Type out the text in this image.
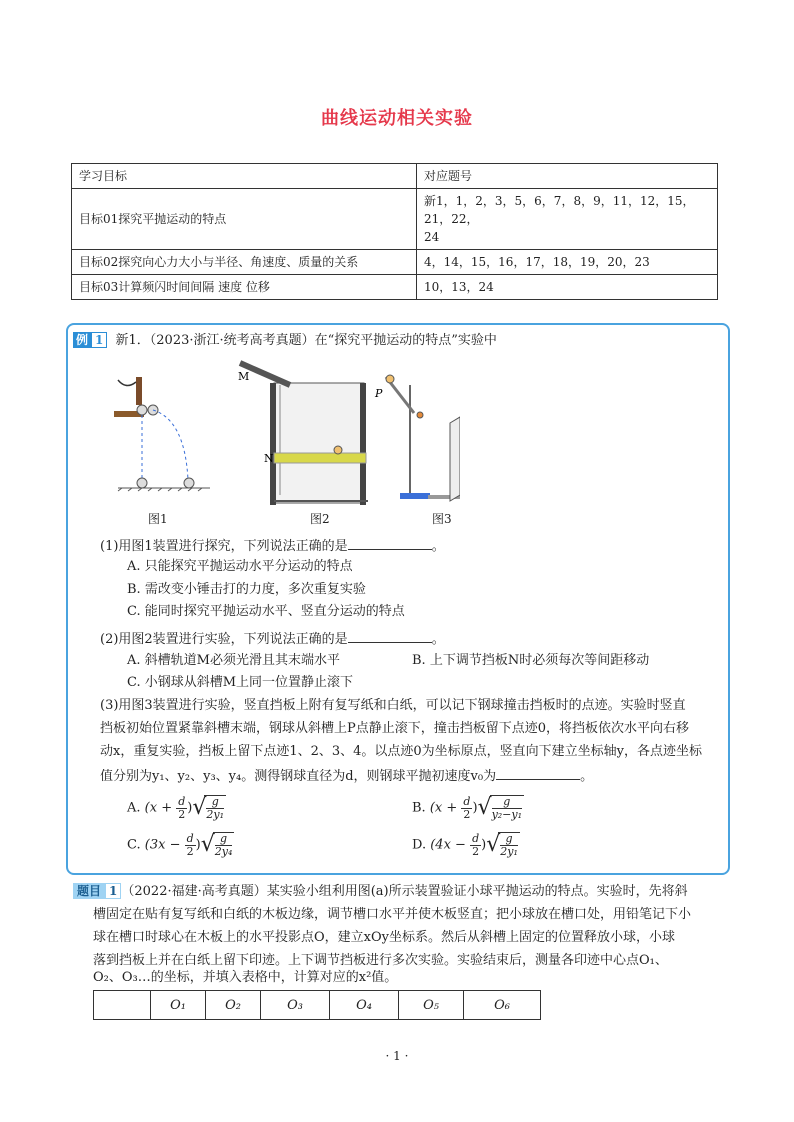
曲线运动相关实验
学习目标	对应题号
目标01探究平抛运动的特点	新1，1，2，3，5，6，7，8，9，11，12，15，21，22，
24
目标02探究向心力大小与半径、角速度、质量的关系	4，14，15，16，17，18，19，20，23
目标03计算频闪时间间隔 速度 位移	10，13，24
例 1 新1．（2023·浙江·统考高考真题）在“探究平抛运动的特点”实验中
M
N
P
图1	图2	图3
(1)用图1装置进行探究，下列说法正确的是	。
A. 只能探究平抛运动水平分运动的特点
B. 需改变小锤击打的力度，多次重复实验
C. 能同时探究平抛运动水平、竖直分运动的特点
(2)用图2装置进行实验，下列说法正确的是	。
A. 斜槽轨道M必须光滑且其末端水平	B. 上下调节挡板N时必须每次等间距移动
C. 小钢球从斜槽M上同一位置静止滚下
(3)用图3装置进行实验，竖直挡板上附有复写纸和白纸，可以记下钢球撞击挡板时的点迹。实验时竖直
挡板初始位置紧靠斜槽末端，钢球从斜槽上P点静止滚下，撞击挡板留下点迹0，将挡板依次水平向右移
动x，重复实验，挡板上留下点迹1、2、3、4。以点迹0为坐标原点，竖直向下建立坐标轴y，各点迹坐标
值分别为y₁、y₂、y₃、y₄。测得钢球直径为d，则钢球平抛初速度v₀为	。
A. ($x + \frac{d}{2}$ )√
$\frac{g}{\text{2y₁}}$	B. ($x + \frac{d}{2}$ )√
$\frac{g}{\text{y₂−y₁}}$
C. ($3x - \frac{d}{2}$ )√
$\frac{g}{\text{2y₄}}$	D. ($4x - \frac{d}{2}$ )√
$\frac{g}{\text{2y₁}}$
题目 1 （2022·福建·高考真题）某实验小组利用图(a)所示装置验证小球平抛运动的特点。实验时，先将斜
槽固定在贴有复写纸和白纸的木板边缘，调节槽口水平并使木板竖直；把小球放在槽口处，用铅笔记下小
球在槽口时球心在木板上的水平投影点O，建立xOy坐标系。然后从斜槽上固定的位置释放小球，小球
落到挡板上并在白纸上留下印迹。上下调节挡板进行多次实验。实验结束后，测量各印迹中心点O₁、
O₂、O₃…的坐标，并填入表格中，计算对应的x²值。
	O₁	O₂	O₃	O₄	O₅	O₆
· 1 ·
